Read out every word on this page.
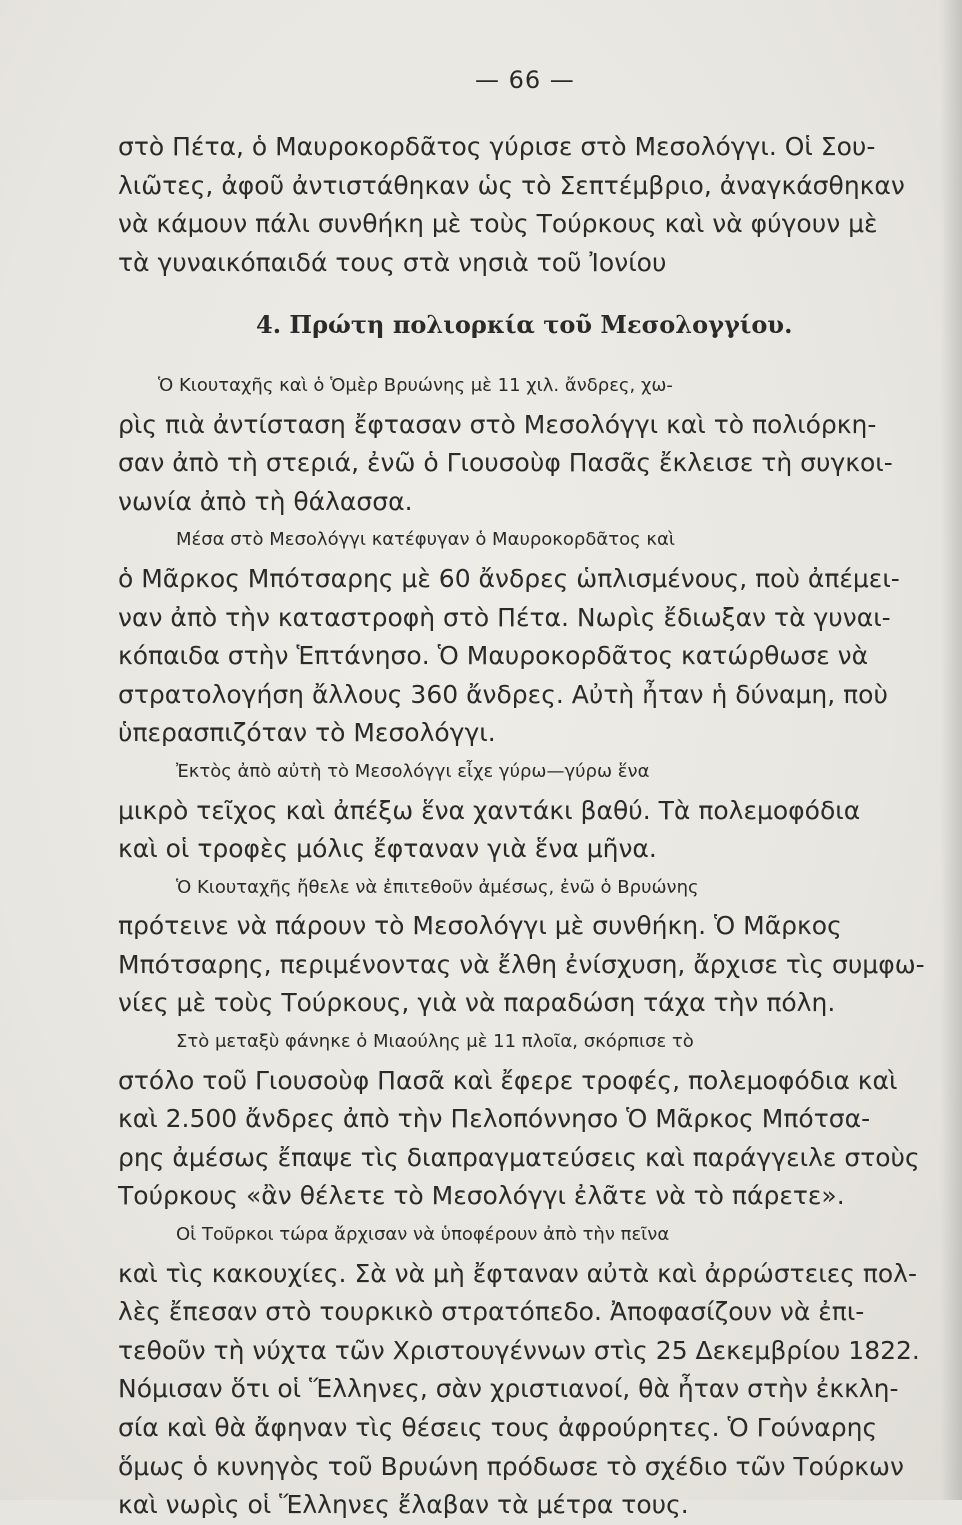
— 66 —
στὸ Πέτα, ὁ Μαυροκορδᾶτος γύρισε στὸ Μεσολόγγι. Οἱ Σου-
λιῶτες, ἀφοῦ ἀντιστάθηκαν ὡς τὸ Σεπτέμβριο, ἀναγκάσθηκαν
νὰ κάμουν πάλι συνθήκη μὲ τοὺς Τούρκους καὶ νὰ φύγουν μὲ
τὰ γυναικόπαιδά τους στὰ νησιὰ τοῦ Ἰονίου
4. Πρώτη πολιορκία τοῦ Μεσολογγίου.
Ὁ Κιουταχῆς καὶ ὁ Ὁμὲρ Βρυώνης μὲ 11 χιλ. ἄνδρες, χω-
ρὶς πιὰ ἀντίσταση ἔφτασαν στὸ Μεσολόγγι καὶ τὸ πολιόρκη-
σαν ἀπὸ τὴ στεριά, ἐνῶ ὁ Γιουσοὺφ Πασᾶς ἔκλεισε τὴ συγκοι-
νωνία ἀπὸ τὴ θάλασσα.
Μέσα στὸ Μεσολόγγι κατέφυγαν ὁ Μαυροκορδᾶτος καὶ
ὁ Μᾶρκος Μπότσαρης μὲ 60 ἄνδρες ὡπλισμένους, ποὺ ἀπέμει-
ναν ἀπὸ τὴν καταστροφὴ στὸ Πέτα. Νωρὶς ἔδιωξαν τὰ γυναι-
κόπαιδα στὴν Ἑπτάνησο. Ὁ Μαυροκορδᾶτος κατώρθωσε νὰ
στρατολογήση ἄλλους 360 ἄνδρες. Αὐτὴ ἦταν ἡ δύναμη, ποὺ
ὑπερασπιζόταν τὸ Μεσολόγγι.
Ἐκτὸς ἀπὸ αὐτὴ τὸ Μεσολόγγι εἶχε γύρω—γύρω ἕνα
μικρὸ τεῖχος καὶ ἀπέξω ἕνα χαντάκι βαθύ. Τὰ πολεμοφόδια
καὶ οἱ τροφὲς μόλις ἔφταναν γιὰ ἕνα μῆνα.
Ὁ Κιουταχῆς ἤθελε νὰ ἐπιτεθοῦν ἀμέσως, ἐνῶ ὁ Βρυώνης
πρότεινε νὰ πάρουν τὸ Μεσολόγγι μὲ συνθήκη. Ὁ Μᾶρκος
Μπότσαρης, περιμένοντας νὰ ἔλθη ἐνίσχυση, ἄρχισε τὶς συμφω-
νίες μὲ τοὺς Τούρκους, γιὰ νὰ παραδώση τάχα τὴν πόλη.
Στὸ μεταξὺ φάνηκε ὁ Μιαούλης μὲ 11 πλοῖα, σκόρπισε τὸ
στόλο τοῦ Γιουσοὺφ Πασᾶ καὶ ἔφερε τροφές, πολεμοφόδια καὶ
καὶ 2.500 ἄνδρες ἀπὸ τὴν Πελοπόννησο Ὁ Μᾶρκος Μπότσα-
ρης ἀμέσως ἔπαψε τὶς διαπραγματεύσεις καὶ παράγγειλε στοὺς
Τούρκους «ἂν θέλετε τὸ Μεσολόγγι ἐλᾶτε νὰ τὸ πάρετε».
Οἱ Τοῦρκοι τώρα ἄρχισαν νὰ ὑποφέρουν ἀπὸ τὴν πεῖνα
καὶ τὶς κακουχίες. Σὰ νὰ μὴ ἔφταναν αὐτὰ καὶ ἀρρώστειες πολ-
λὲς ἔπεσαν στὸ τουρκικὸ στρατόπεδο. Ἀποφασίζουν νὰ ἐπι-
τεθοῦν τὴ νύχτα τῶν Χριστουγέννων στὶς 25 Δεκεμβρίου 1822.
Νόμισαν ὅτι οἱ Ἕλληνες, σὰν χριστιανοί, θὰ ἦταν στὴν ἐκκλη-
σία καὶ θὰ ἄφηναν τὶς θέσεις τους ἀφρούρητες. Ὁ Γούναρης
ὅμως ὁ κυνηγὸς τοῦ Βρυώνη πρόδωσε τὸ σχέδιο τῶν Τούρκων
καὶ νωρὶς οἱ Ἕλληνες ἔλαβαν τὰ μέτρα τους.
